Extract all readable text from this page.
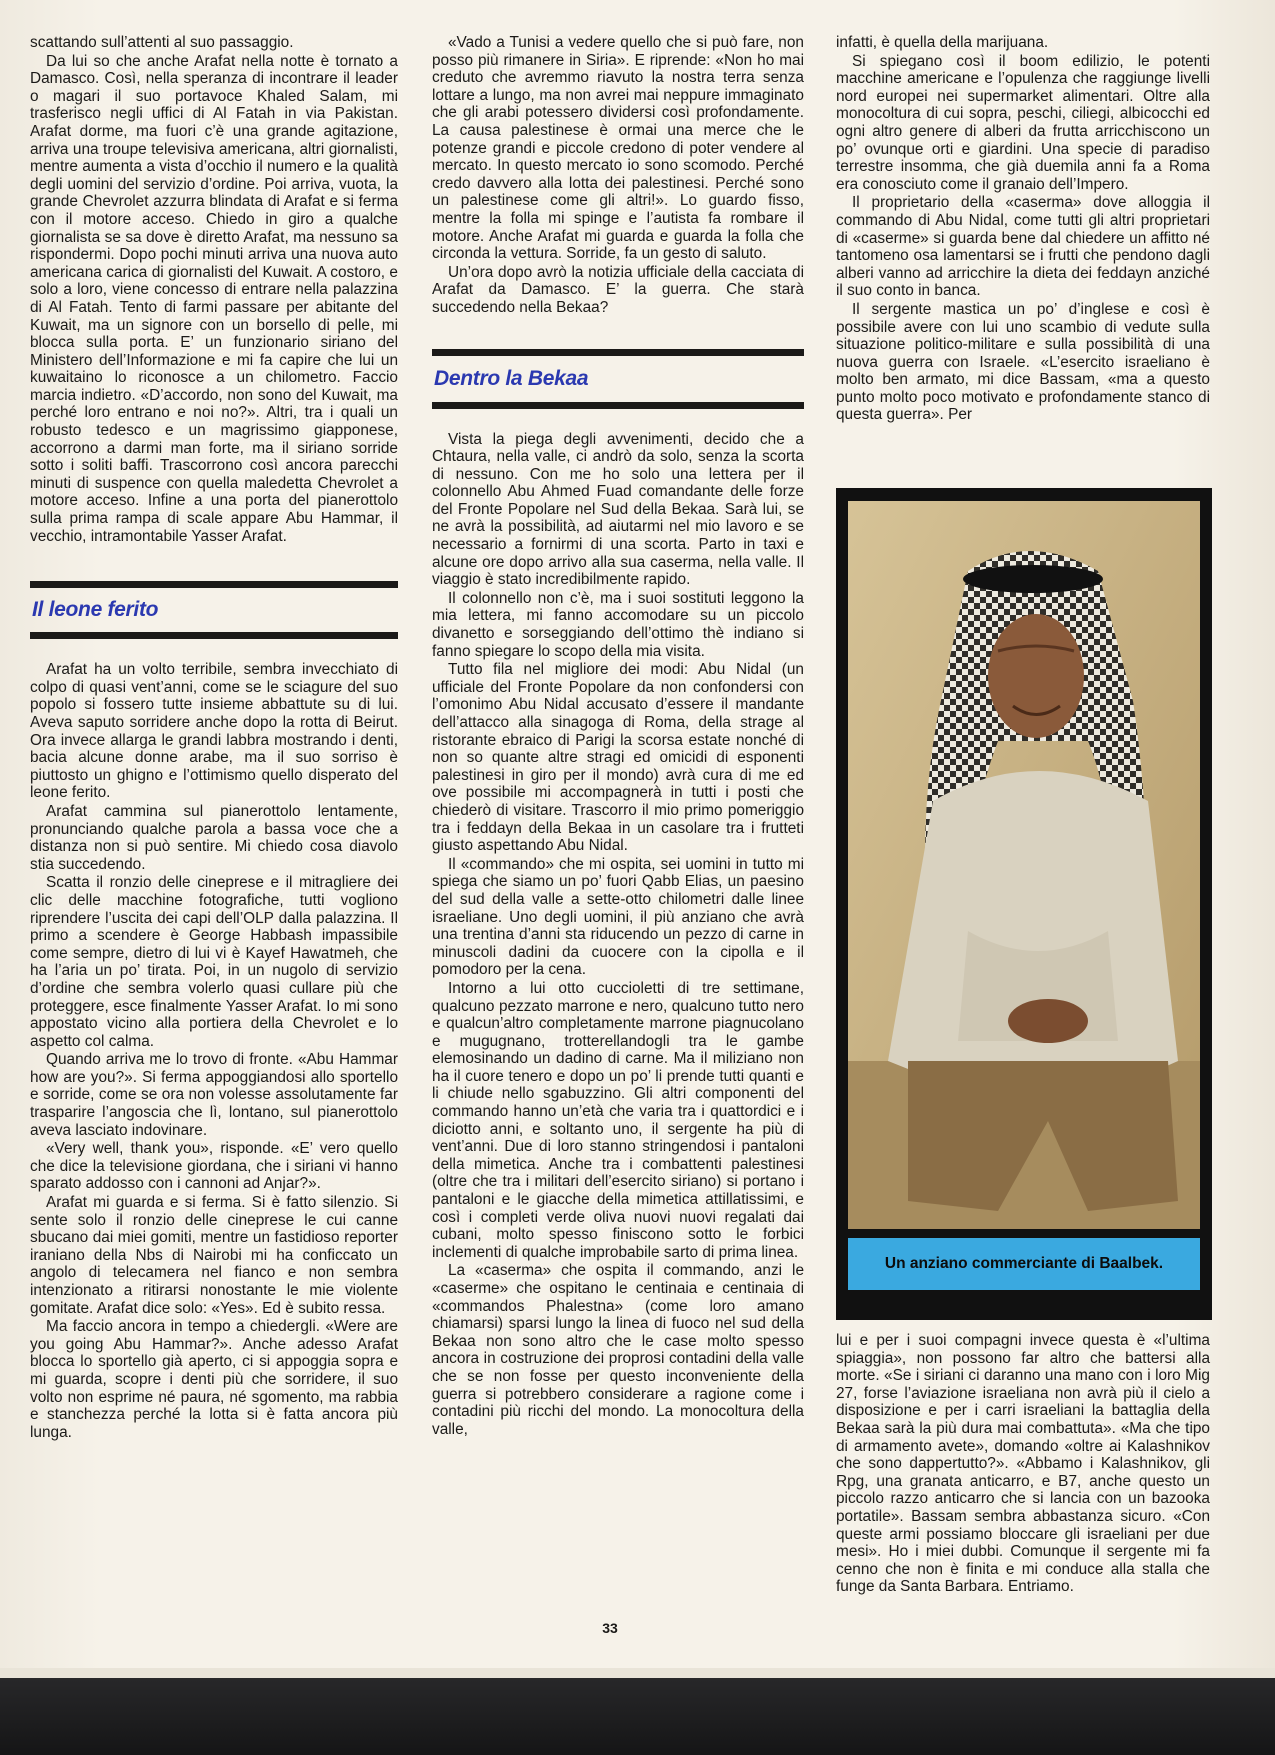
scattando sull’attenti al suo passaggio.

Da lui so che anche Arafat nella notte è tornato a Damasco. Così, nella speranza di incontrare il leader o magari il suo portavoce Khaled Salam, mi trasferisco negli uffici di Al Fatah in via Pakistan. Arafat dorme, ma fuori c’è una grande agitazione, arriva una troupe televisiva americana, altri giornalisti, mentre aumenta a vista d’occhio il numero e la qualità degli uomini del servizio d’ordine. Poi arriva, vuota, la grande Chevrolet azzurra blindata di Arafat e si ferma con il motore acceso. Chiedo in giro a qualche giornalista se sa dove è diretto Arafat, ma nessuno sa rispondermi. Dopo pochi minuti arriva una nuova auto americana carica di giornalisti del Kuwait. A costoro, e solo a loro, viene concesso di entrare nella palazzina di Al Fatah. Tento di farmi passare per abitante del Kuwait, ma un signore con un borsello di pelle, mi blocca sulla porta. E’ un funzionario siriano del Ministero dell’Informazione e mi fa capire che lui un kuwaitaino lo riconosce a un chilometro. Faccio marcia indietro. «D’accordo, non sono del Kuwait, ma perché loro entrano e noi no?». Altri, tra i quali un robusto tedesco e un magrissimo giapponese, accorrono a darmi man forte, ma il siriano sorride sotto i soliti baffi. Trascorrono così ancora parecchi minuti di suspence con quella maledetta Chevrolet a motore acceso. Infine a una porta del pianerottolo sulla prima rampa di scale appare Abu Hammar, il vecchio, intramontabile Yasser Arafat.

Il leone ferito

Arafat ha un volto terribile, sembra invecchiato di colpo di quasi vent’anni, come se le sciagure del suo popolo si fossero tutte insieme abbattute su di lui. Aveva saputo sorridere anche dopo la rotta di Beirut. Ora invece allarga le grandi labbra mostrando i denti, bacia alcune donne arabe, ma il suo sorriso è piuttosto un ghigno e l’ottimismo quello disperato del leone ferito.

Arafat cammina sul pianerottolo lentamente, pronunciando qualche parola a bassa voce che a distanza non si può sentire. Mi chiedo cosa diavolo stia succedendo.

Scatta il ronzio delle cineprese e il mitragliere dei clic delle macchine fotografiche, tutti vogliono riprendere l’uscita dei capi dell’OLP dalla palazzina. Il primo a scendere è George Habbash impassibile come sempre, dietro di lui vi è Kayef Hawatmeh, che ha l’aria un po’ tirata. Poi, in un nugolo di servizio d’ordine che sembra volerlo quasi cullare più che proteggere, esce finalmente Yasser Arafat. Io mi sono appostato vicino alla portiera della Chevrolet e lo aspetto col calma.

Quando arriva me lo trovo di fronte. «Abu Hammar how are you?». Si ferma appoggiandosi allo sportello e sorride, come se ora non volesse assolutamente far trasparire l’angoscia che lì, lontano, sul pianerottolo aveva lasciato indovinare.

«Very well, thank you», risponde. «E’ vero quello che dice la televisione giordana, che i siriani vi hanno sparato addosso con i cannoni ad Anjar?».

Arafat mi guarda e si ferma. Si è fatto silenzio. Si sente solo il ronzio delle cineprese le cui canne sbucano dai miei gomiti, mentre un fastidioso reporter iraniano della Nbs di Nairobi mi ha conficcato un angolo di telecamera nel fianco e non sembra intenzionato a ritirarsi nonostante le mie violente gomitate. Arafat dice solo: «Yes». Ed è subito ressa.

Ma faccio ancora in tempo a chiedergli. «Were are you going Abu Hammar?». Anche adesso Arafat blocca lo sportello già aperto, ci si appoggia sopra e mi guarda, scopre i denti più che sorridere, il suo volto non esprime né paura, né sgomento, ma rabbia e stanchezza perché la lotta si è fatta ancora più lunga.

«Vado a Tunisi a vedere quello che si può fare, non posso più rimanere in Siria». E riprende: «Non ho mai creduto che avremmo riavuto la nostra terra senza lottare a lungo, ma non avrei mai neppure immaginato che gli arabi potessero dividersi così profondamente. La causa palestinese è ormai una merce che le potenze grandi e piccole credono di poter vendere al mercato. In questo mercato io sono scomodo. Perché credo davvero alla lotta dei palestinesi. Perché sono un palestinese come gli altri!». Lo guardo fisso, mentre la folla mi spinge e l’autista fa rombare il motore. Anche Arafat mi guarda e guarda la folla che circonda la vettura. Sorride, fa un gesto di saluto.

Un’ora dopo avrò la notizia ufficiale della cacciata di Arafat da Damasco. E’ la guerra. Che starà succedendo nella Bekaa?

Dentro la Bekaa

Vista la piega degli avvenimenti, decido che a Chtaura, nella valle, ci andrò da solo, senza la scorta di nessuno. Con me ho solo una lettera per il colonnello Abu Ahmed Fuad comandante delle forze del Fronte Popolare nel Sud della Bekaa. Sarà lui, se ne avrà la possibilità, ad aiutarmi nel mio lavoro e se necessario a fornirmi di una scorta. Parto in taxi e alcune ore dopo arrivo alla sua caserma, nella valle. Il viaggio è stato incredibilmente rapido.

Il colonnello non c’è, ma i suoi sostituti leggono la mia lettera, mi fanno accomodare su un piccolo divanetto e sorseggiando dell’ottimo thè indiano si fanno spiegare lo scopo della mia visita.

Tutto fila nel migliore dei modi: Abu Nidal (un ufficiale del Fronte Popolare da non confondersi con l’omonimo Abu Nidal accusato d’essere il mandante dell’attacco alla sinagoga di Roma, della strage al ristorante ebraico di Parigi la scorsa estate nonché di non so quante altre stragi ed omicidi di esponenti palestinesi in giro per il mondo) avrà cura di me ed ove possibile mi accompagnerà in tutti i posti che chiederò di visitare. Trascorro il mio primo pomeriggio tra i feddayn della Bekaa in un casolare tra i frutteti giusto aspettando Abu Nidal.

Il «commando» che mi ospita, sei uomini in tutto mi spiega che siamo un po’ fuori Qabb Elias, un paesino del sud della valle a sette-otto chilometri dalle linee israeliane. Uno degli uomini, il più anziano che avrà una trentina d’anni sta riducendo un pezzo di carne in minuscoli dadini da cuocere con la cipolla e il pomodoro per la cena.

Intorno a lui otto cuccioletti di tre settimane, qualcuno pezzato marrone e nero, qualcuno tutto nero e qualcun’altro completamente marrone piagnucolano e mugugnano, trotterellandogli tra le gambe elemosinando un dadino di carne. Ma il miliziano non ha il cuore tenero e dopo un po’ li prende tutti quanti e li chiude nello sgabuzzino. Gli altri componenti del commando hanno un’età che varia tra i quattordici e i diciotto anni, e soltanto uno, il sergente ha più di vent’anni. Due di loro stanno stringendosi i pantaloni della mimetica. Anche tra i combattenti palestinesi (oltre che tra i militari dell’esercito siriano) si portano i pantaloni e le giacche della mimetica attillatissimi, e così i completi verde oliva nuovi nuovi regalati dai cubani, molto spesso finiscono sotto le forbici inclementi di qualche improbabile sarto di prima linea.

La «caserma» che ospita il commando, anzi le «caserme» che ospitano le centinaia e centinaia di «commandos Phalestna» (come loro amano chiamarsi) sparsi lungo la linea di fuoco nel sud della Bekaa non sono altro che le case molto spesso ancora in costruzione dei proprosi contadini della valle che se non fosse per questo inconveniente della guerra si potrebbero considerare a ragione come i contadini più ricchi del mondo. La monocoltura della valle,

infatti, è quella della marijuana.

Si spiegano così il boom edilizio, le potenti macchine americane e l’opulenza che raggiunge livelli nord europei nei supermarket alimentari. Oltre alla monocoltura di cui sopra, peschi, ciliegi, albicocchi ed ogni altro genere di alberi da frutta arricchiscono un po’ ovunque orti e giardini. Una specie di paradiso terrestre insomma, che già duemila anni fa a Roma era conosciuto come il granaio dell’Impero.

Il proprietario della «caserma» dove alloggia il commando di Abu Nidal, come tutti gli altri proprietari di «caserme» si guarda bene dal chiedere un affitto né tantomeno osa lamentarsi se i frutti che pendono dagli alberi vanno ad arricchire la dieta dei feddayn anziché il suo conto in banca.

Il sergente mastica un po’ d’inglese e così è possibile avere con lui uno scambio di vedute sulla situazione politico-militare e sulla possibilità di una nuova guerra con Israele. «L’esercito israeliano è molto ben armato, mi dice Bassam, «ma a questo punto molto poco motivato e profondamente stanco di questa guerra». Per

Un anziano commerciante di Baalbek.

lui e per i suoi compagni invece questa è «l’ultima spiaggia», non possono far altro che battersi alla morte. «Se i siriani ci daranno una mano con i loro Mig 27, forse l’aviazione israeliana non avrà più il cielo a disposizione e per i carri israeliani la battaglia della Bekaa sarà la più dura mai combattuta». «Ma che tipo di armamento avete», domando «oltre ai Kalashnikov che sono dappertutto?». «Abbamo i Kalashnikov, gli Rpg, una granata anticarro, e B7, anche questo un piccolo razzo anticarro che si lancia con un bazooka portatile». Bassam sembra abbastanza sicuro. «Con queste armi possiamo bloccare gli israeliani per due mesi». Ho i miei dubbi. Comunque il sergente mi fa cenno che non è finita e mi conduce alla stalla che funge da Santa Barbara. Entriamo.

33
